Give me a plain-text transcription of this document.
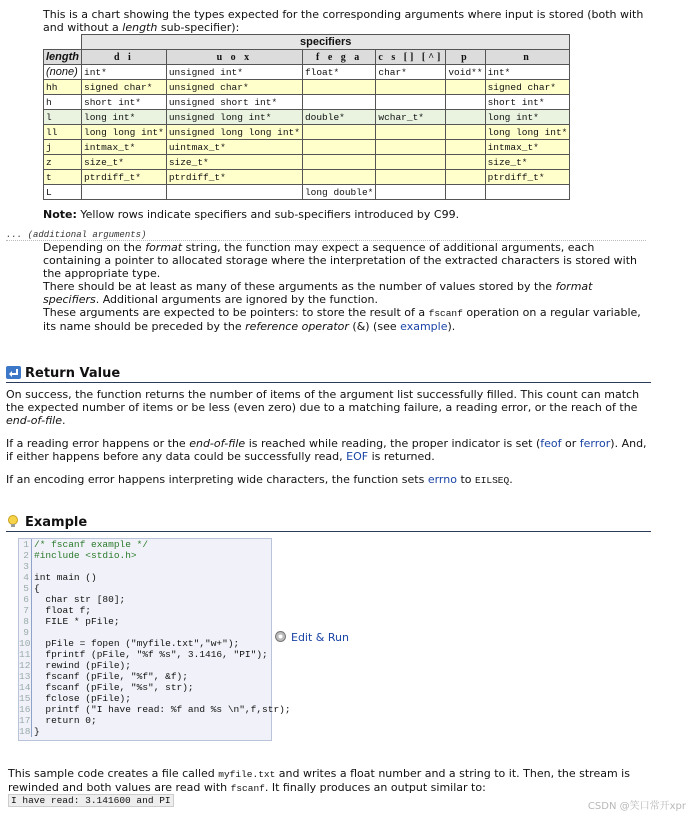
This is a chart showing the types expected for the corresponding arguments where input is stored (both with and without a length sub-specifier):
	specifiers					
length	d i	u o x	f e g a	c s [] [^]	p	n
(none)	int*	unsigned int*	float*	char*	void**	int*
hh	signed char*	unsigned char*				signed char*
h	short int*	unsigned short int*				short int*
l	long int*	unsigned long int*	double*	wchar_t*		long int*
ll	long long int*	unsigned long long int*				long long int*
j	intmax_t*	uintmax_t*				intmax_t*
z	size_t*	size_t*				size_t*
t	ptrdiff_t*	ptrdiff_t*				ptrdiff_t*
L			long double*			
Note: Yellow rows indicate specifiers and sub-specifiers introduced by C99.
... (additional arguments)

Depending on the format string, the function may expect a sequence of additional arguments, each containing a pointer to allocated storage where the interpretation of the extracted characters is stored with the appropriate type.

There should be at least as many of these arguments as the number of values stored by the format specifiers. Additional arguments are ignored by the function.

These arguments are expected to be pointers: to store the result of a fscanf operation on a regular variable, its name should be preceded by the reference operator (&) (see example).

Return Value

On success, the function returns the number of items of the argument list successfully filled. This count can match the expected number of items or be less (even zero) due to a matching failure, a reading error, or the reach of the end-of-file.

If a reading error happens or the end-of-file is reached while reading, the proper indicator is set (feof or ferror). And, if either happens before any data could be successfully read, EOF is returned.

If an encoding error happens interpreting wide characters, the function sets errno to EILSEQ.

Example
1 /* fscanf example */
2 #include <stdio.h>
3
4 int main ()
5 {
6  char str [80];
7  float f;
8  FILE * pFile;
9
10  pFile = fopen ("myfile.txt","w+");
11  fprintf (pFile, "%f %s", 3.1416, "PI");
12  rewind (pFile);
13  fscanf (pFile, "%f", &f);
14  fscanf (pFile, "%s", str);
15  fclose (pFile);
16  printf ("I have read: %f and %s \n",f,str);
17  return 0;
18 }
Edit & Run

This sample code creates a file called myfile.txt and writes a float number and a string to it. Then, the stream is rewinded and both values are read with fscanf. It finally produces an output similar to:

I have read: 3.141600 and PI
CSDN @笑口常开xpr
